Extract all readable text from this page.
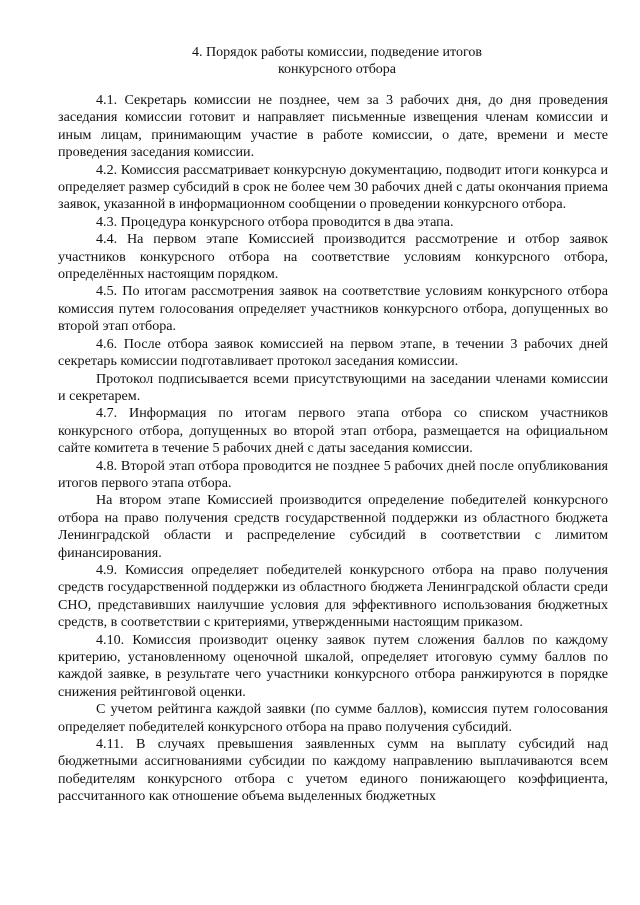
4. Порядок работы комиссии, подведение итогов
конкурсного отбора

4.1. Секретарь комиссии не позднее, чем за 3 рабочих дня, до дня проведения заседания комиссии готовит и направляет письменные извещения членам комиссии и иным лицам, принимающим участие в работе комиссии, о дате, времени и месте проведения заседания комиссии.

4.2. Комиссия рассматривает конкурсную документацию, подводит итоги конкурса и определяет размер субсидий в срок не более чем 30 рабочих дней с даты окончания приема заявок, указанной в информационном сообщении о проведении конкурсного отбора.

4.3. Процедура конкурсного отбора проводится в два этапа.

4.4. На первом этапе Комиссией производится рассмотрение и отбор заявок участников конкурсного отбора на соответствие условиям конкурсного отбора, определённых настоящим порядком.

4.5. По итогам рассмотрения заявок на соответствие условиям конкурсного отбора комиссия путем голосования определяет участников конкурсного отбора, допущенных во второй этап отбора.

4.6. После отбора заявок комиссией на первом этапе, в течении 3 рабочих дней секретарь комиссии подготавливает протокол заседания комиссии.

Протокол подписывается всеми присутствующими на заседании членами комиссии и секретарем.

4.7. Информация по итогам первого этапа отбора со списком участников конкурсного отбора, допущенных во второй этап отбора, размещается на официальном сайте комитета в течение 5 рабочих дней с даты заседания комиссии.

4.8. Второй этап отбора проводится не позднее 5 рабочих дней после опубликования итогов первого этапа отбора.

На втором этапе Комиссией производится определение победителей конкурсного отбора на право получения средств государственной поддержки из областного бюджета Ленинградской области и распределение субсидий в соответствии с лимитом финансирования.

4.9. Комиссия определяет победителей конкурсного отбора на право получения средств государственной поддержки из областного бюджета Ленинградской области среди СНО, представивших наилучшие условия для эффективного использования бюджетных средств, в соответствии с критериями, утвержденными настоящим приказом.

4.10. Комиссия производит оценку заявок путем сложения баллов по каждому критерию, установленному оценочной шкалой, определяет итоговую сумму баллов по каждой заявке, в результате чего участники конкурсного отбора ранжируются в порядке снижения рейтинговой оценки.

С учетом рейтинга каждой заявки (по сумме баллов), комиссия путем голосования определяет победителей конкурсного отбора на право получения субсидий.

4.11. В случаях превышения заявленных сумм на выплату субсидий над бюджетными ассигнованиями субсидии по каждому направлению выплачиваются всем победителям конкурсного отбора с учетом единого понижающего коэффициента, рассчитанного как отношение объема выделенных бюджетных
